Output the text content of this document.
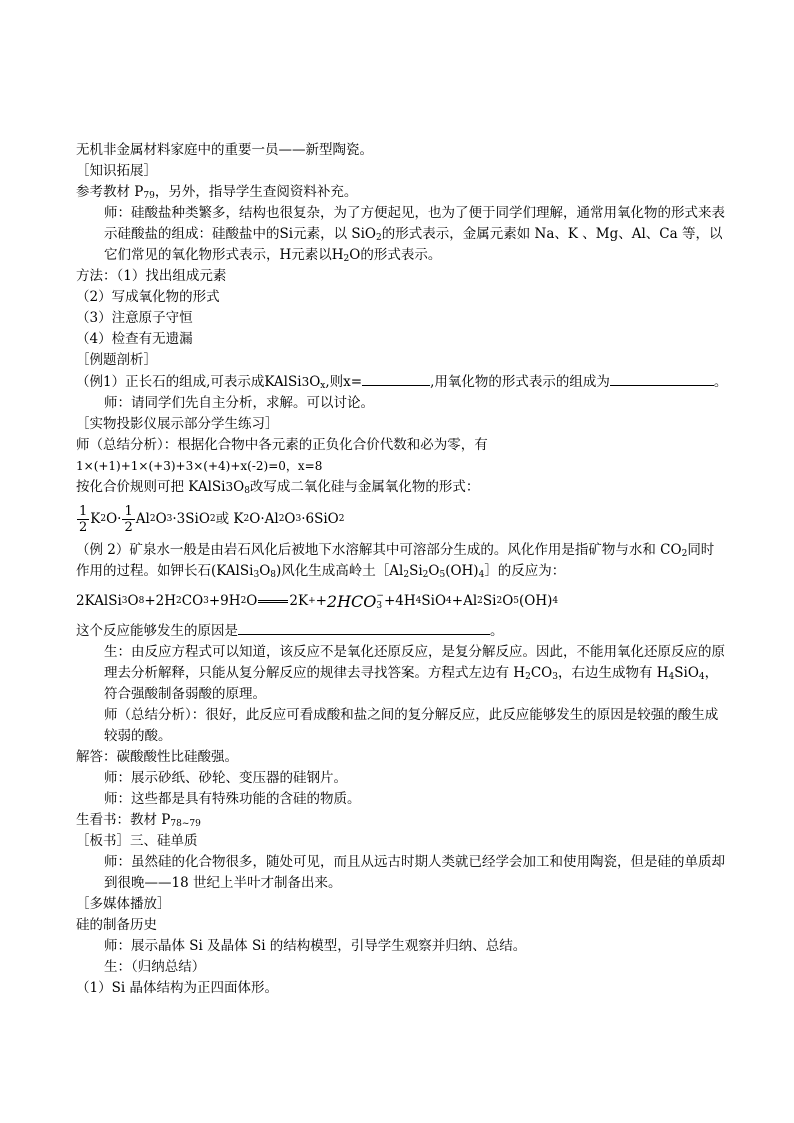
无机非金属材料家庭中的重要一员——新型陶瓷。

［知识拓展］

参考教材 $P_{79}$，另外，指导学生查阅资料补充。

师：硅酸盐种类繁多，结构也很复杂，为了方便起见，也为了便于同学们理解，通常用氧化物的形式来表示硅酸盐的组成：硅酸盐中的Si元素，以 SiO$_2$的形式表示，金属元素如 Na、K 、Mg、Al、Ca 等，以它们常见的氧化物形式表示，H元素以$H_2O$的形式表示。

方法：（1）找出组成元素

（2）写成氧化物的形式

（3）注意原子守恒

（4）检查有无遗漏

［例题剖析］

（例1）正长石的组成,可表示成$KAlSi3O_x$,则x=	,用氧化物的形式表示的组成为	。

师：请同学们先自主分析，求解。可以讨论。

［实物投影仪展示部分学生练习］

师（总结分析）：根据化合物中各元素的正负化合价代数和必为零，有

1×(+1)+1×(+3)+3×(+4)+x(-2)=0，x=8

按化合价规则可把 $KAlSi3O_8$改写成二氧化硅与金属氧化物的形式：

$\frac{1}{2}$ K 2 $O\cdot \frac{1}{2}$ Al 2 O 3 ·3SiO 2 或 K 2 O·Al 2 O 3 ·6SiO 2

（例 2）矿泉水一般是由岩石风化后被地下水溶解其中可溶部分生成的。风化作用是指矿物与水和 $CO_2$同时作用的过程。如钾长石$(KAlSi_3O_8)$风化生成高岭土$[Al_2Si_2O_5(OH)_4]$的反应为：

2KAlSi 3 O 8 +2H 2 CO 3 +9H 2 O 2K + + 2HCO −
3 +4H 4 SiO 4 +Al 2 Si 2 O 5 (OH) 4

这个反应能够发生的原因是	。

生：由反应方程式可以知道，该反应不是氧化还原反应，是复分解反应。因此，不能用氧化还原反应的原理去分析解释，只能从复分解反应的规律去寻找答案。方程式左边有 $H_2CO_3$，右边生成物有 $H_4SiO_4$，符合强酸制备弱酸的原理。

师（总结分析）：很好，此反应可看成酸和盐之间的复分解反应，此反应能够发生的原因是较强的酸生成较弱的酸。

解答：碳酸酸性比硅酸强。

师：展示砂纸、砂轮、变压器的硅钢片。

师：这些都是具有特殊功能的含硅的物质。

生看书：教材 $P_{78\sim 79}$

［板书］三、硅单质

师：虽然硅的化合物很多，随处可见，而且从远古时期人类就已经学会加工和使用陶瓷，但是硅的单质却到很晚——18 世纪上半叶才制备出来。

［多媒体播放］

硅的制备历史

师：展示晶体 Si 及晶体 Si 的结构模型，引导学生观察并归纳、总结。

生：（归纳总结）

（1）Si 晶体结构为正四面体形。
